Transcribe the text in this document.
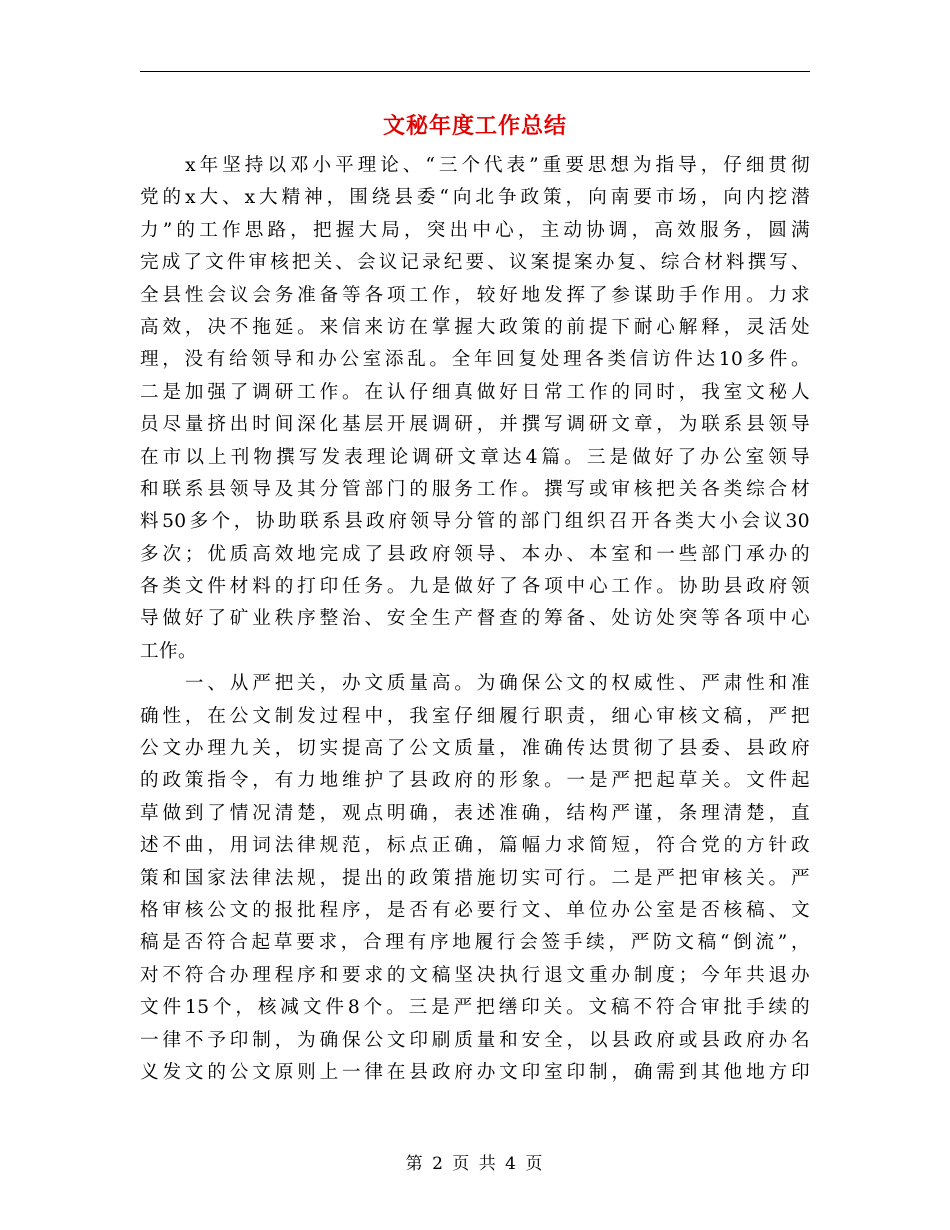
文秘年度工作总结
　　x年坚持以邓小平理论、“三个代表”重要思想为指导，仔细贯彻
党的x大、x大精神，围绕县委“向北争政策，向南要市场，向内挖潜
力”的工作思路，把握大局，突出中心，主动协调，高效服务，圆满
完成了文件审核把关、会议记录纪要、议案提案办复、综合材料撰写、
全县性会议会务准备等各项工作，较好地发挥了参谋助手作用。力求
高效，决不拖延。来信来访在掌握大政策的前提下耐心解释，灵活处
理，没有给领导和办公室添乱。全年回复处理各类信访件达10多件。
二是加强了调研工作。在认仔细真做好日常工作的同时，我室文秘人
员尽量挤出时间深化基层开展调研，并撰写调研文章，为联系县领导
在市以上刊物撰写发表理论调研文章达4篇。三是做好了办公室领导
和联系县领导及其分管部门的服务工作。撰写或审核把关各类综合材
料50多个，协助联系县政府领导分管的部门组织召开各类大小会议30
多次；优质高效地完成了县政府领导、本办、本室和一些部门承办的
各类文件材料的打印任务。九是做好了各项中心工作。协助县政府领
导做好了矿业秩序整治、安全生产督查的筹备、处访处突等各项中心
工作。
　　一、从严把关，办文质量高。为确保公文的权威性、严肃性和准
确性，在公文制发过程中，我室仔细履行职责，细心审核文稿，严把
公文办理九关，切实提高了公文质量，准确传达贯彻了县委、县政府
的政策指令，有力地维护了县政府的形象。一是严把起草关。文件起
草做到了情况清楚，观点明确，表述准确，结构严谨，条理清楚，直
述不曲，用词法律规范，标点正确，篇幅力求简短，符合党的方针政
策和国家法律法规，提出的政策措施切实可行。二是严把审核关。严
格审核公文的报批程序，是否有必要行文、单位办公室是否核稿、文
稿是否符合起草要求，合理有序地履行会签手续，严防文稿“倒流”，
对不符合办理程序和要求的文稿坚决执行退文重办制度；今年共退办
文件15个，核减文件8个。三是严把缮印关。文稿不符合审批手续的
一律不予印制，为确保公文印刷质量和安全，以县政府或县政府办名
义发文的公文原则上一律在县政府办文印室印制，确需到其他地方印
第 2 页 共 4 页
